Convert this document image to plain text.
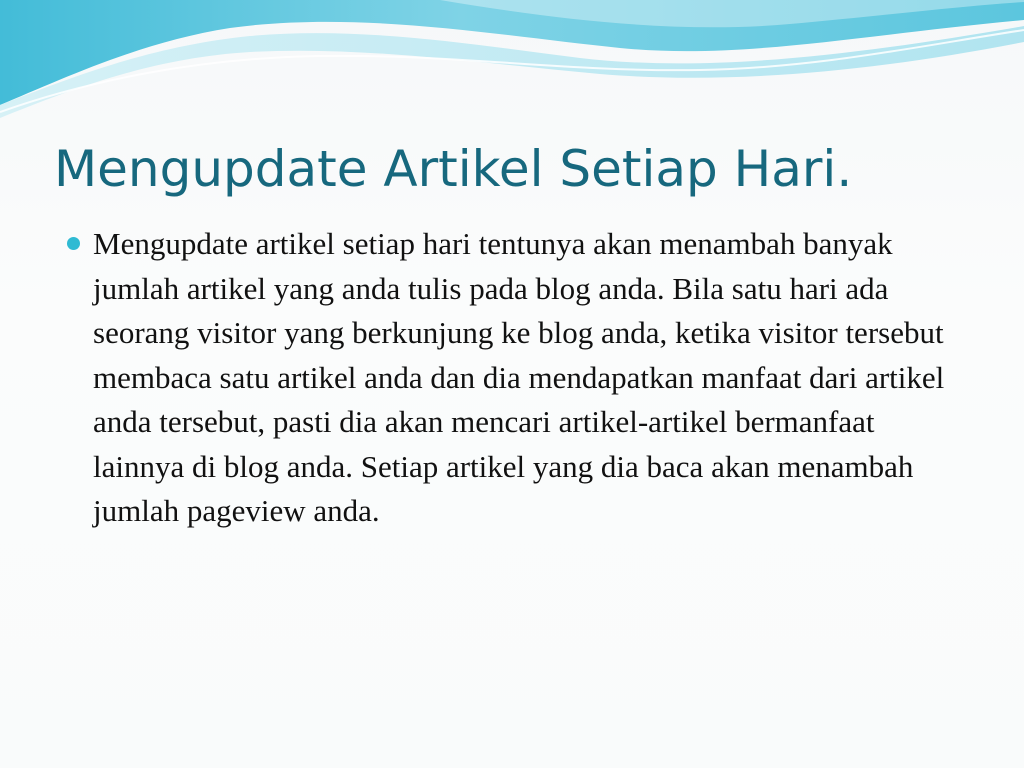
Mengupdate Artikel Setiap Hari.
Mengupdate artikel setiap hari tentunya akan menambah banyak jumlah artikel yang anda tulis pada blog anda. Bila satu hari ada seorang visitor yang berkunjung ke blog anda, ketika visitor tersebut membaca satu artikel anda dan dia mendapatkan manfaat dari artikel anda tersebut, pasti dia akan mencari artikel-artikel bermanfaat lainnya di blog anda. Setiap artikel yang dia baca akan menambah jumlah pageview anda.
